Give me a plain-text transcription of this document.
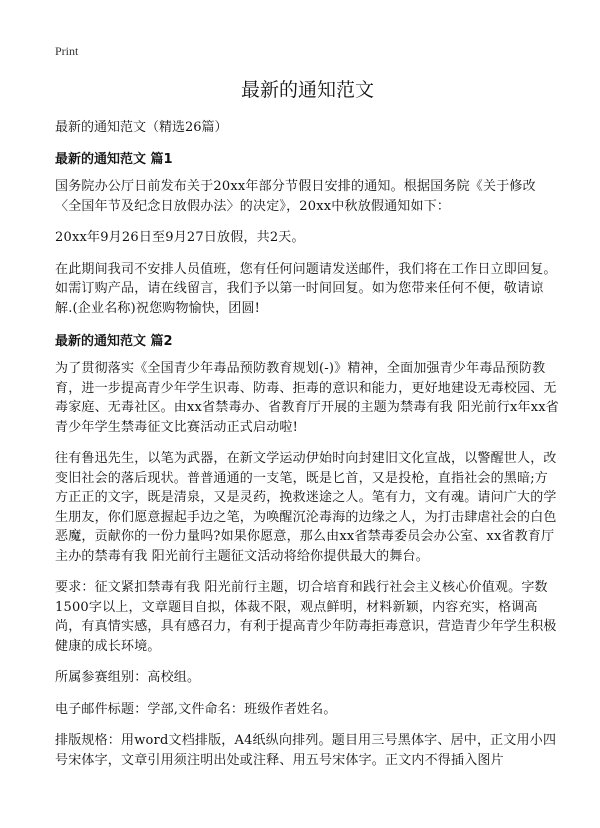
Print
最新的通知范文

最新的通知范文（精选26篇）

最新的通知范文 篇1

国务院办公厅日前发布关于20xx年部分节假日安排的通知。根据国务院《关于修改〈全国年节及纪念日放假办法〉的决定》，20xx中秋放假通知如下：

20xx年9月26日至9月27日放假，共2天。

在此期间我司不安排人员值班，您有任何问题请发送邮件，我们将在工作日立即回复。如需订购产品，请在线留言，我们予以第一时间回复。如为您带来任何不便，敬请谅解.(企业名称)祝您购物愉快，团圆!

最新的通知范文 篇2

为了贯彻落实《全国青少年毒品预防教育规划(-)》精神，全面加强青少年毒品预防教育，进一步提高青少年学生识毒、防毒、拒毒的意识和能力，更好地建设无毒校园、无毒家庭、无毒社区。由xx省禁毒办、省教育厅开展的主题为禁毒有我 阳光前行x年xx省青少年学生禁毒征文比赛活动正式启动啦!

往有鲁迅先生，以笔为武器，在新文学运动伊始时向封建旧文化宣战，以警醒世人，改变旧社会的落后现状。普普通通的一支笔，既是匕首，又是投枪，直指社会的黑暗;方方正正的文字，既是清泉，又是灵药，挽救迷途之人。笔有力，文有魂。请问广大的学生朋友，你们愿意握起手边之笔，为唤醒沉沦毒海的边缘之人，为打击肆虐社会的白色恶魔，贡献你的一份力量吗?如果你愿意，那么由xx省禁毒委员会办公室、xx省教育厅主办的禁毒有我 阳光前行主题征文活动将给你提供最大的舞台。

要求：征文紧扣禁毒有我 阳光前行主题，切合培育和践行社会主义核心价值观。字数1500字以上，文章题目自拟，体裁不限，观点鲜明，材料新颖，内容充实，格调高尚，有真情实感，具有感召力，有利于提高青少年防毒拒毒意识，营造青少年学生积极健康的成长环境。

所属参赛组别：高校组。

电子邮件标题：学部,文件命名：班级作者姓名。

排版规格：用word文档排版，A4纸纵向排列。题目用三号黑体字、居中，正文用小四号宋体字，文章引用须注明出处或注释、用五号宋体字。正文内不得插入图片
